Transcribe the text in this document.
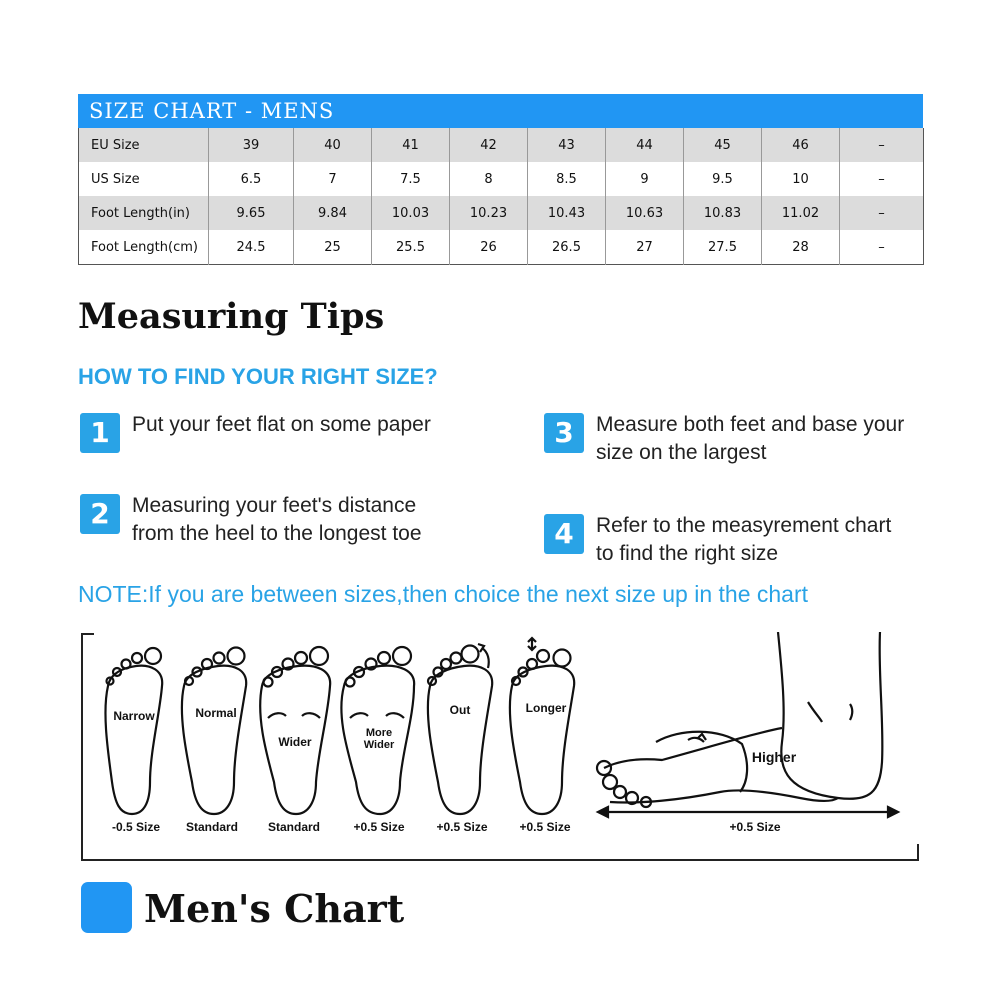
SIZE CHART - MENS
EU Size	39	40	41	42	43	44	45	46	–
US Size	6.5	7	7.5	8	8.5	9	9.5	10	–
Foot Length(in)	9.65	9.84	10.03	10.23	10.43	10.63	10.83	11.02	–
Foot Length(cm)	24.5	25	25.5	26	26.5	27	27.5	28	–
Measuring Tips
HOW TO FIND YOUR RIGHT SIZE?
1	Put your feet flat on some paper
2	Measuring your feet's distance from the heel to the longest toe
3	Measure both feet and base your size on the largest
4	Refer to the measyrement chart to find the right size
NOTE:If you are between sizes,then choice the next size up in the chart
Narrow	Normal
Wider
More
Wider
Out	Longer
Higher
-0.5 Size Standard Standard	+0.5 Size	+0.5 Size	+0.5 Size	+0.5 Size
Men's Chart
